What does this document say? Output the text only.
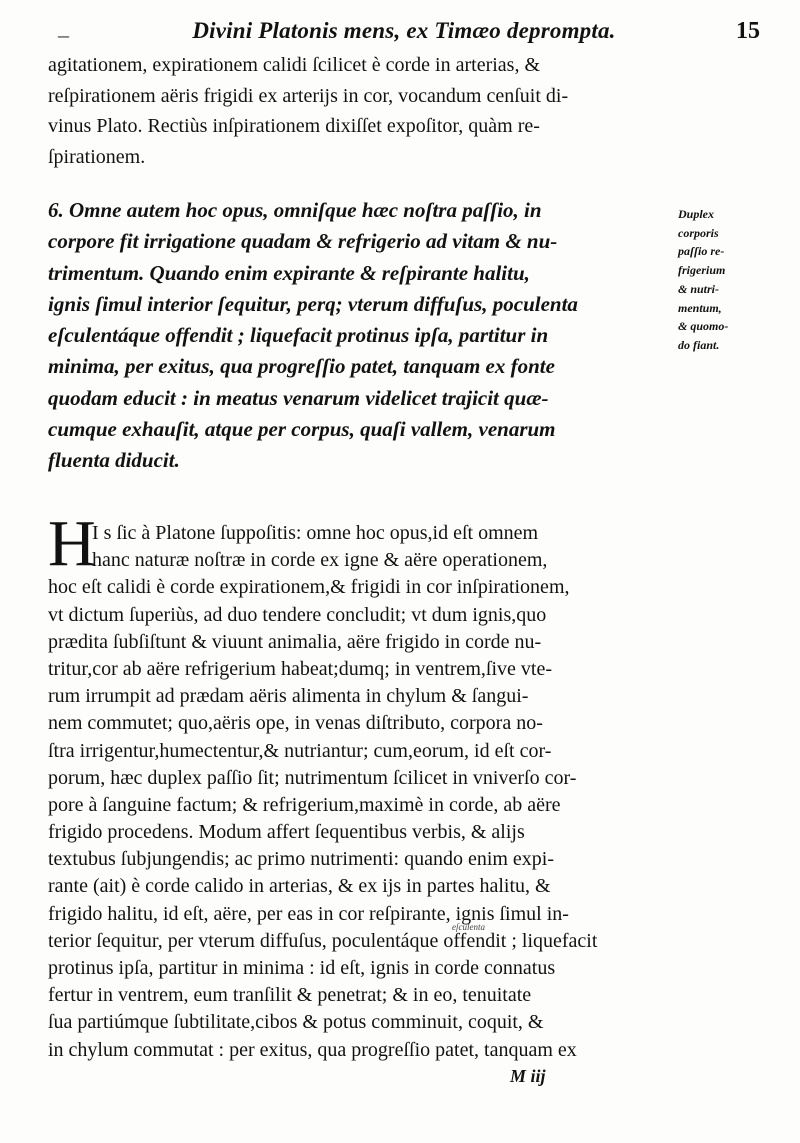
–	Divini Platonis mens, ex Timæo deprompta.	15
agitationem, expirationem calidi ſcilicet è corde in arterias, &
reſpirationem aëris frigidi ex arterijs in cor, vocandum cenſuit di-
vinus Plato. Rectiùs inſpirationem dixiſſet expoſitor, quàm re-
ſpirationem.
6. Omne autem hoc opus, omniſque hæc noſtra paſſio, in
corpore fit irrigatione quadam & refrigerio ad vitam & nu-
trimentum. Quando enim expirante & reſpirante halitu,
ignis ſimul interior ſequitur, perq; vterum diffuſus, poculenta
eſculentáque offendit ; liquefacit protinus ipſa, partitur in
minima, per exitus, qua progreſſio patet, tanquam ex fonte
quodam educit : in meatus venarum videlicet trajicit quæ-
cumque exhauſit, atque per corpus, quaſi vallem, venarum
fluenta diducit.
Duplex
corporis
paſſio re-
frigerium
& nutri-
mentum,
& quomo-
do fiant.
H
I s ſic à Platone ſuppoſitis: omne hoc opus,id eſt omnem
hanc naturæ noſtræ in corde ex igne & aëre operationem,
hoc eſt calidi è corde expirationem,& frigidi in cor inſpirationem,
vt dictum ſuperiùs, ad duo tendere concludit; vt dum ignis,quo
prædita ſubſiſtunt & viuunt animalia, aëre frigido in corde nu-
tritur,cor ab aëre refrigerium habeat;dumq; in ventrem,ſive vte-
rum irrumpit ad prædam aëris alimenta in chylum & ſangui-
nem commutet; quo,aëris ope, in venas diſtributo, corpora no-
ſtra irrigentur,humectentur,& nutriantur; cum,eorum, id eſt cor-
porum, hæc duplex paſſio ſit; nutrimentum ſcilicet in vniverſo cor-
pore à ſanguine factum; & refrigerium,maximè in corde, ab aëre
frigido procedens. Modum affert ſequentibus verbis, & alijs
textubus ſubjungendis; ac primo nutrimenti: quando enim expi-
rante (ait) è corde calido in arterias, & ex ijs in partes halitu, &
frigido halitu, id eſt, aëre, per eas in cor reſpirante, ignis ſimul in-
terior ſequitur, per vterum diffuſus, poculentáque offendit ; liquefacit
protinus ipſa, partitur in minima : id eſt, ignis in corde connatus
fertur in ventrem, eum tranſilit & penetrat; & in eo, tenuitate
ſua partiúmque ſubtilitate,cibos & potus comminuit, coquit, &
in chylum commutat : per exitus, qua progreſſio patet, tanquam ex
eſculenta
M iij
